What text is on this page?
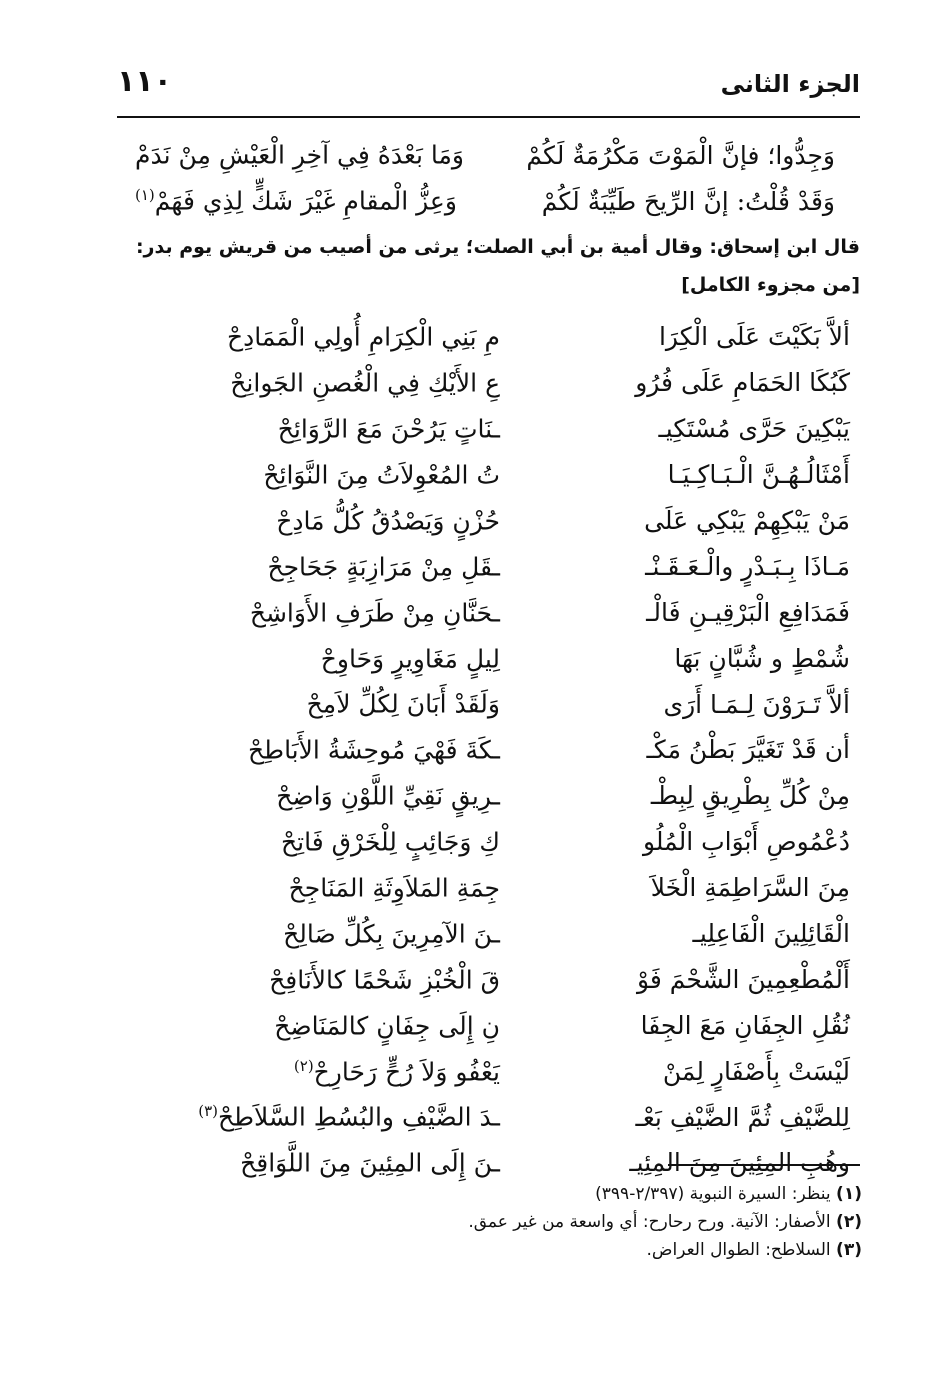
الجزء الثانى
١١٠
وَجِدُّوا؛ فإنَّ الْمَوْتَ مَكْرُمَةٌ لَكُمْ
وَمَا بَعْدَهُ فِي آخِرِ الْعَيْشِ مِنْ نَدَمْ
وَقَدْ قُلْتُ: إنَّ الرِّيحَ طَيِّبَةٌ لَكُمْ
وَعِزُّ الْمقامِ غَيْرَ شَكٍّ لِذِي فَهَمْ$^{(١)}$
قال ابن إسحاق: وقال أمية بن أبي الصلت؛ يرثى من أصيب من قريش يوم بدر:
[من مجزوء الكامل]
ألاَّ بَكَيْتَ عَلَى الْكِرَا
مِ بَنِي الْكِرَامِ أُولِي الْمَمَادِحْ
كَبُكَا الحَمَامِ عَلَى فُرُو
عِ الأَيْكِ فِي الْغُصنِ الجَوانِحْ
يَبْكِينَ حَرَّى مُسْتَكِيـ
ـنَاتٍ يَرُحْنَ مَعَ الرَّوَائِحْ
أَمْثَالُـهُـنَّ الْـبَـاكِـيَـا
تُ المُعْوِلاَتُ مِنَ النَّوَائِحْ
مَنْ يَبْكِهِمْ يَبْكِي عَلَى
حُزْنٍ وَيَصْدُقُ كُلُّ مَادِحْ
مَـاذَا بِـبَـدْرٍ والْـعَـقَـنْـ
ـقَلِ مِنْ مَرَازِبَةٍ جَحَاجِحْ
فَمَدَافِعِ الْبَرْقِيـنِ فَالْـ
ـحَنَّانِ مِنْ طَرَفِ الأَوَاشِحْ
شُمْطٍ و شُبَّانٍ بَهَا
لِيلٍ مَغَاوِيرٍ وَحَاوِحْ
ألاَّ تَـرَوْنَ لِـمَـا أَرَى
وَلَقَدْ أَبَانَ لِكُلِّ لاَمِحْ
أن قَدْ تَغَيَّرَ بَطْنُ مَكْـ
ـكَةَ فَهْيَ مُوحِشَةُ الأَبَاطِحْ
مِنْ كُلِّ بِطْرِيقٍ لِبِطْـ
ـرِيقٍ نَقِيِّ اللَّوْنِ وَاضِحْ
دُعْمُوصِ أَبْوَابِ الْمُلُو
كِ وَجَائِبٍ لِلْخَرْقِ فَاتِحْ
مِنَ السَّرَاطِمَةِ الْخَلاَ
جِمَةِ المَلاَوِثَةِ المَنَاجِحْ
الْقَائِلِينَ الْفَاعِلِيـ
ـنَ الآمِرِينَ بِكُلِّ صَالِحْ
أَلْمُطْعِمِينَ الشَّحْمَ فَوْ
قَ الْخُبْزِ شَحْمًا كالأَنَافِحْ
نُقُلِ الجِفَانِ مَعَ الجِفَا
نِ إِلَى جِفَانٍ كالمَنَاضِحْ
لَيْسَتْ بِأَصْفَارٍ لِمَنْ
يَعْفُو وَلاَ رُحٍّ رَحَارِحْ$^{(٢)}$
لِلضَّيْفِ ثُمَّ الضَّيْفِ بَعْـ
ـدَ الضَّيْفِ والبُسُطِ السَّلاَطِحْ$^{(٣)}$
وهُبِ المِئِينَ مِنَ المِئِيـ
ـنَ إِلَى المِئِينَ مِنَ اللَّوَاقِحْ
(١) ينظر: السيرة النبوية (٢/٣٩٧-٣٩٩)
(٢) الأصفار: الآنية. ورح رحارح: أي واسعة من غير عمق.
(٣) السلاطح: الطوال العراض.
